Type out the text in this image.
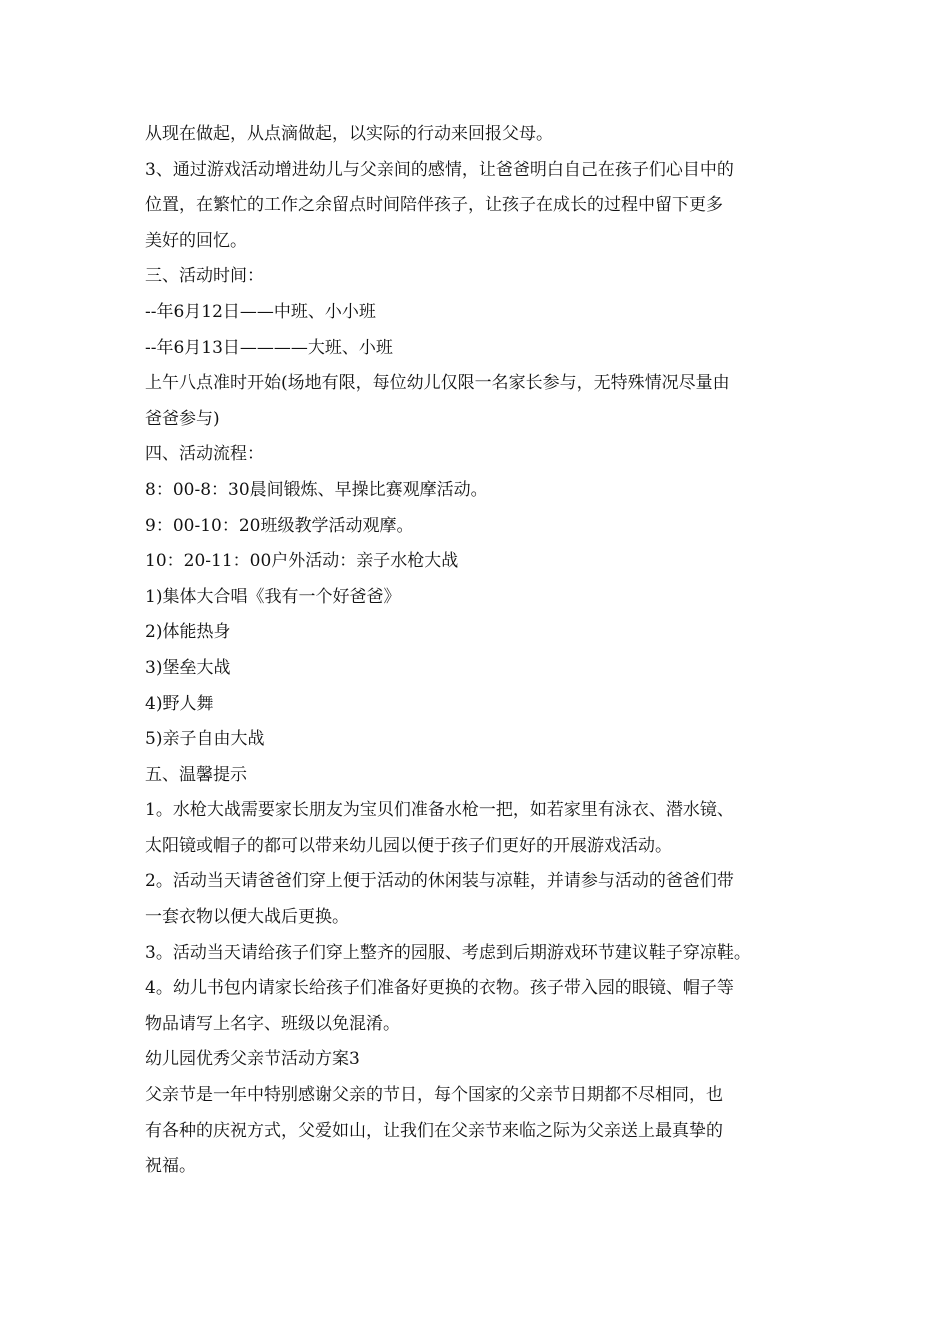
从现在做起，从点滴做起，以实际的行动来回报父母。
3、通过游戏活动增进幼儿与父亲间的感情，让爸爸明白自己在孩子们心目中的
位置，在繁忙的工作之余留点时间陪伴孩子，让孩子在成长的过程中留下更多
美好的回忆。
三、活动时间：
--年6月12日——中班、小小班
--年6月13日————大班、小班
上午八点准时开始(场地有限，每位幼儿仅限一名家长参与，无特殊情况尽量由
爸爸参与)
四、活动流程：
8：00-8：30晨间锻炼、早操比赛观摩活动。
9：00-10：20班级教学活动观摩。
10：20-11：00户外活动：亲子水枪大战
1)集体大合唱《我有一个好爸爸》
2)体能热身
3)堡垒大战
4)野人舞
5)亲子自由大战
五、温馨提示
1。水枪大战需要家长朋友为宝贝们准备水枪一把，如若家里有泳衣、潜水镜、
太阳镜或帽子的都可以带来幼儿园以便于孩子们更好的开展游戏活动。
2。活动当天请爸爸们穿上便于活动的休闲装与凉鞋，并请参与活动的爸爸们带
一套衣物以便大战后更换。
3。活动当天请给孩子们穿上整齐的园服、考虑到后期游戏环节建议鞋子穿凉鞋。
4。幼儿书包内请家长给孩子们准备好更换的衣物。孩子带入园的眼镜、帽子等
物品请写上名字、班级以免混淆。
幼儿园优秀父亲节活动方案3
父亲节是一年中特别感谢父亲的节日，每个国家的父亲节日期都不尽相同，也
有各种的庆祝方式，父爱如山，让我们在父亲节来临之际为父亲送上最真挚的
祝福。
